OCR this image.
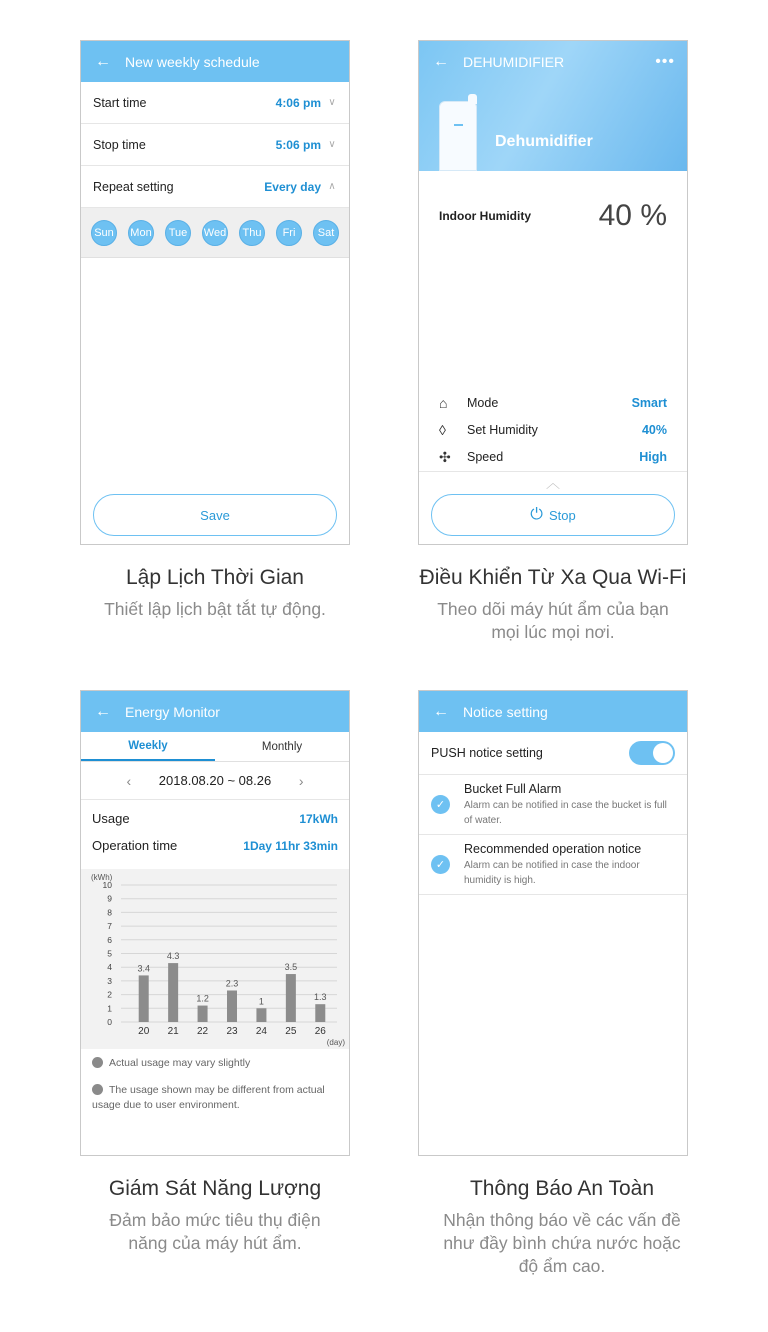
←	New weekly schedule
Start time	4:06 pm ∨
Stop time	5:06 pm ∨
Repeat setting	Every day ∧
Sun Mon	Tue	Wed	Thu	Fri	Sat
Save
Lập Lịch Thời Gian
Thiết lập lịch bật tắt tự động.
←	DEHUMIDIFIER	•••
Dehumidifier
Indoor Humidity 40 %
⌂	Mode	Smart
◊	Set Humidity	40%
✣	Speed	High
︿
⏻ Stop
Điều Khiển Từ Xa Qua Wi-Fi
Theo dõi máy hút ẩm của bạn
mọi lúc mọi nơi.
←	Energy Monitor
Weekly	Monthly
‹	2018.08.20 ~ 08.26	›
Usage	17kWh
Operation time	1Day 11hr 33min
(kWh)
0
1
2
3
4
5
6
7
8
9
10
3.4
20
4.3
21
1.2
22
2.3
23
1
24
3.5
25
1.3
26
(day)
Actual usage may vary slightly
The usage shown may be different from actual usage due to user environment.
Giám Sát Năng Lượng
Đảm bảo mức tiêu thụ điện
năng của máy hút ẩm.
←	Notice setting
PUSH notice setting
✓
Bucket Full Alarm
Alarm can be notified in case the bucket is full of water.
✓
Recommended operation notice
Alarm can be notified in case the indoor humidity is high.
Thông Báo An Toàn
Nhận thông báo về các vấn đề
như đầy bình chứa nước hoặc
độ ẩm cao.
